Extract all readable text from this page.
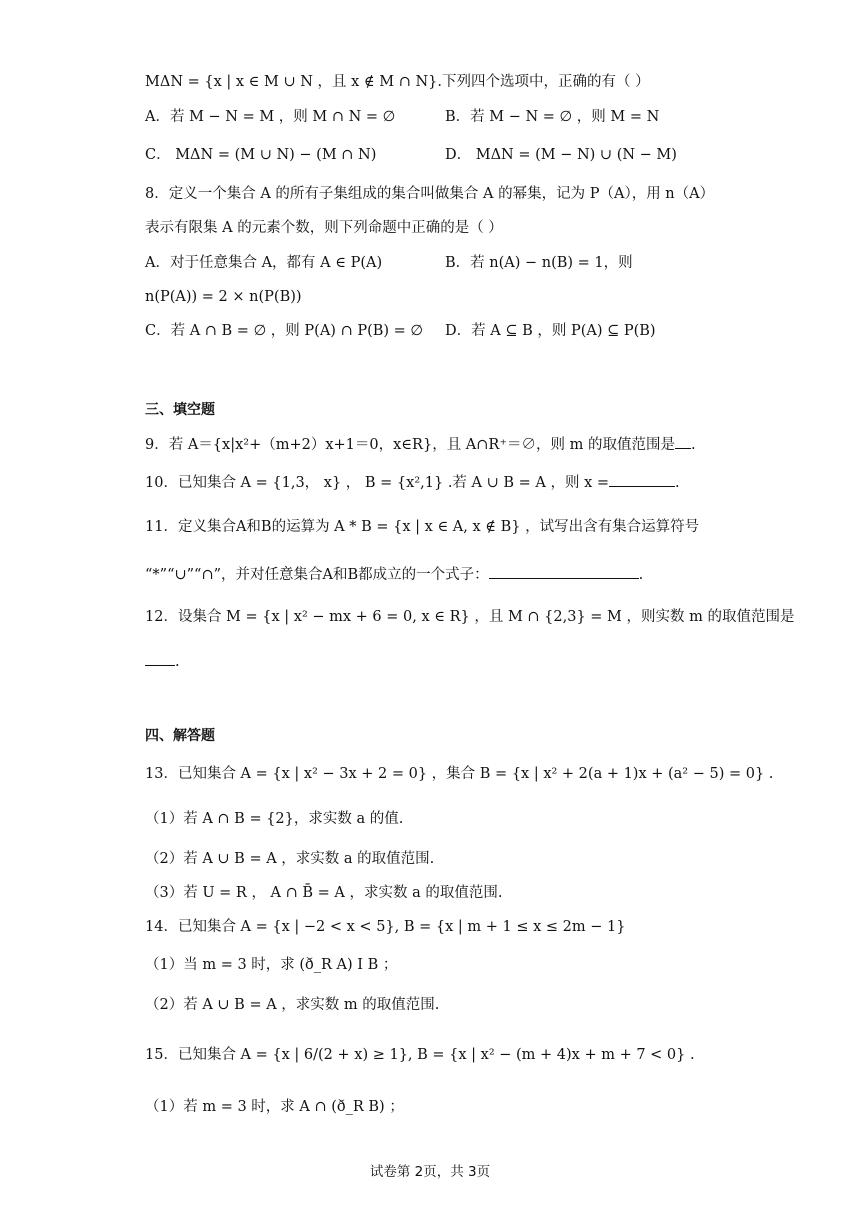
MΔN = {x | x ∈ M ∪ N ，且 x ∉ M ∩ N}.下列四个选项中，正确的有（ ）
A．若 M − N = M ，则 M ∩ N = ∅	B．若 M − N = ∅ ，则 M = N
C． MΔN = (M ∪ N) − (M ∩ N)	D． MΔN = (M − N) ∪ (N − M)
8．定义一个集合 A 的所有子集组成的集合叫做集合 A 的幂集，记为 P（A），用 n（A）
表示有限集 A 的元素个数，则下列命题中正确的是（ ）
A．对于任意集合 A，都有 A ∈ P(A)	B．若 n(A) − n(B) = 1，则
n(P(A)) = 2 × n(P(B))
C．若 A ∩ B = ∅ ，则 P(A) ∩ P(B) = ∅ D．若 A ⊆ B ，则 P(A) ⊆ P(B)
三、填空题
9．若 A＝{x|x²+（m+2）x+1＝0，x∈R}，且 A∩R⁺＝∅，则 m 的取值范围是 .
10．已知集合 A = {1,3， x} ， B = {x²,1} .若 A ∪ B = A ，则 x =	.
11．定义集合A和B的运算为 A * B = {x | x ∈ A, x ∉ B} ，试写出含有集合运算符号
“*”“∪”“∩”，并对任意集合A和B都成立的一个式子：	.
12．设集合 M = {x | x² − mx + 6 = 0, x ∈ R} ，且 M ∩ {2,3} = M ，则实数 m 的取值范围是
.
四、解答题
13．已知集合 A = {x | x² − 3x + 2 = 0} ，集合 B = {x | x² + 2(a + 1)x + (a² − 5) = 0} .
（1）若 A ∩ B = {2}，求实数 a 的值.
（2）若 A ∪ B = A ，求实数 a 的取值范围.
（3）若 U = R ， A ∩ B̄ = A ，求实数 a 的取值范围.
14．已知集合 A = {x | −2 < x < 5}, B = {x | m + 1 ≤ x ≤ 2m − 1}
（1）当 m = 3 时，求 (ð_R A) I B ；
（2）若 A ∪ B = A ，求实数 m 的取值范围.
15．已知集合 A = {x | 6/(2 + x) ≥ 1}, B = {x | x² − (m + 4)x + m + 7 < 0} .
（1）若 m = 3 时，求 A ∩ (ð_R B) ；
试卷第 2页，共 3页
